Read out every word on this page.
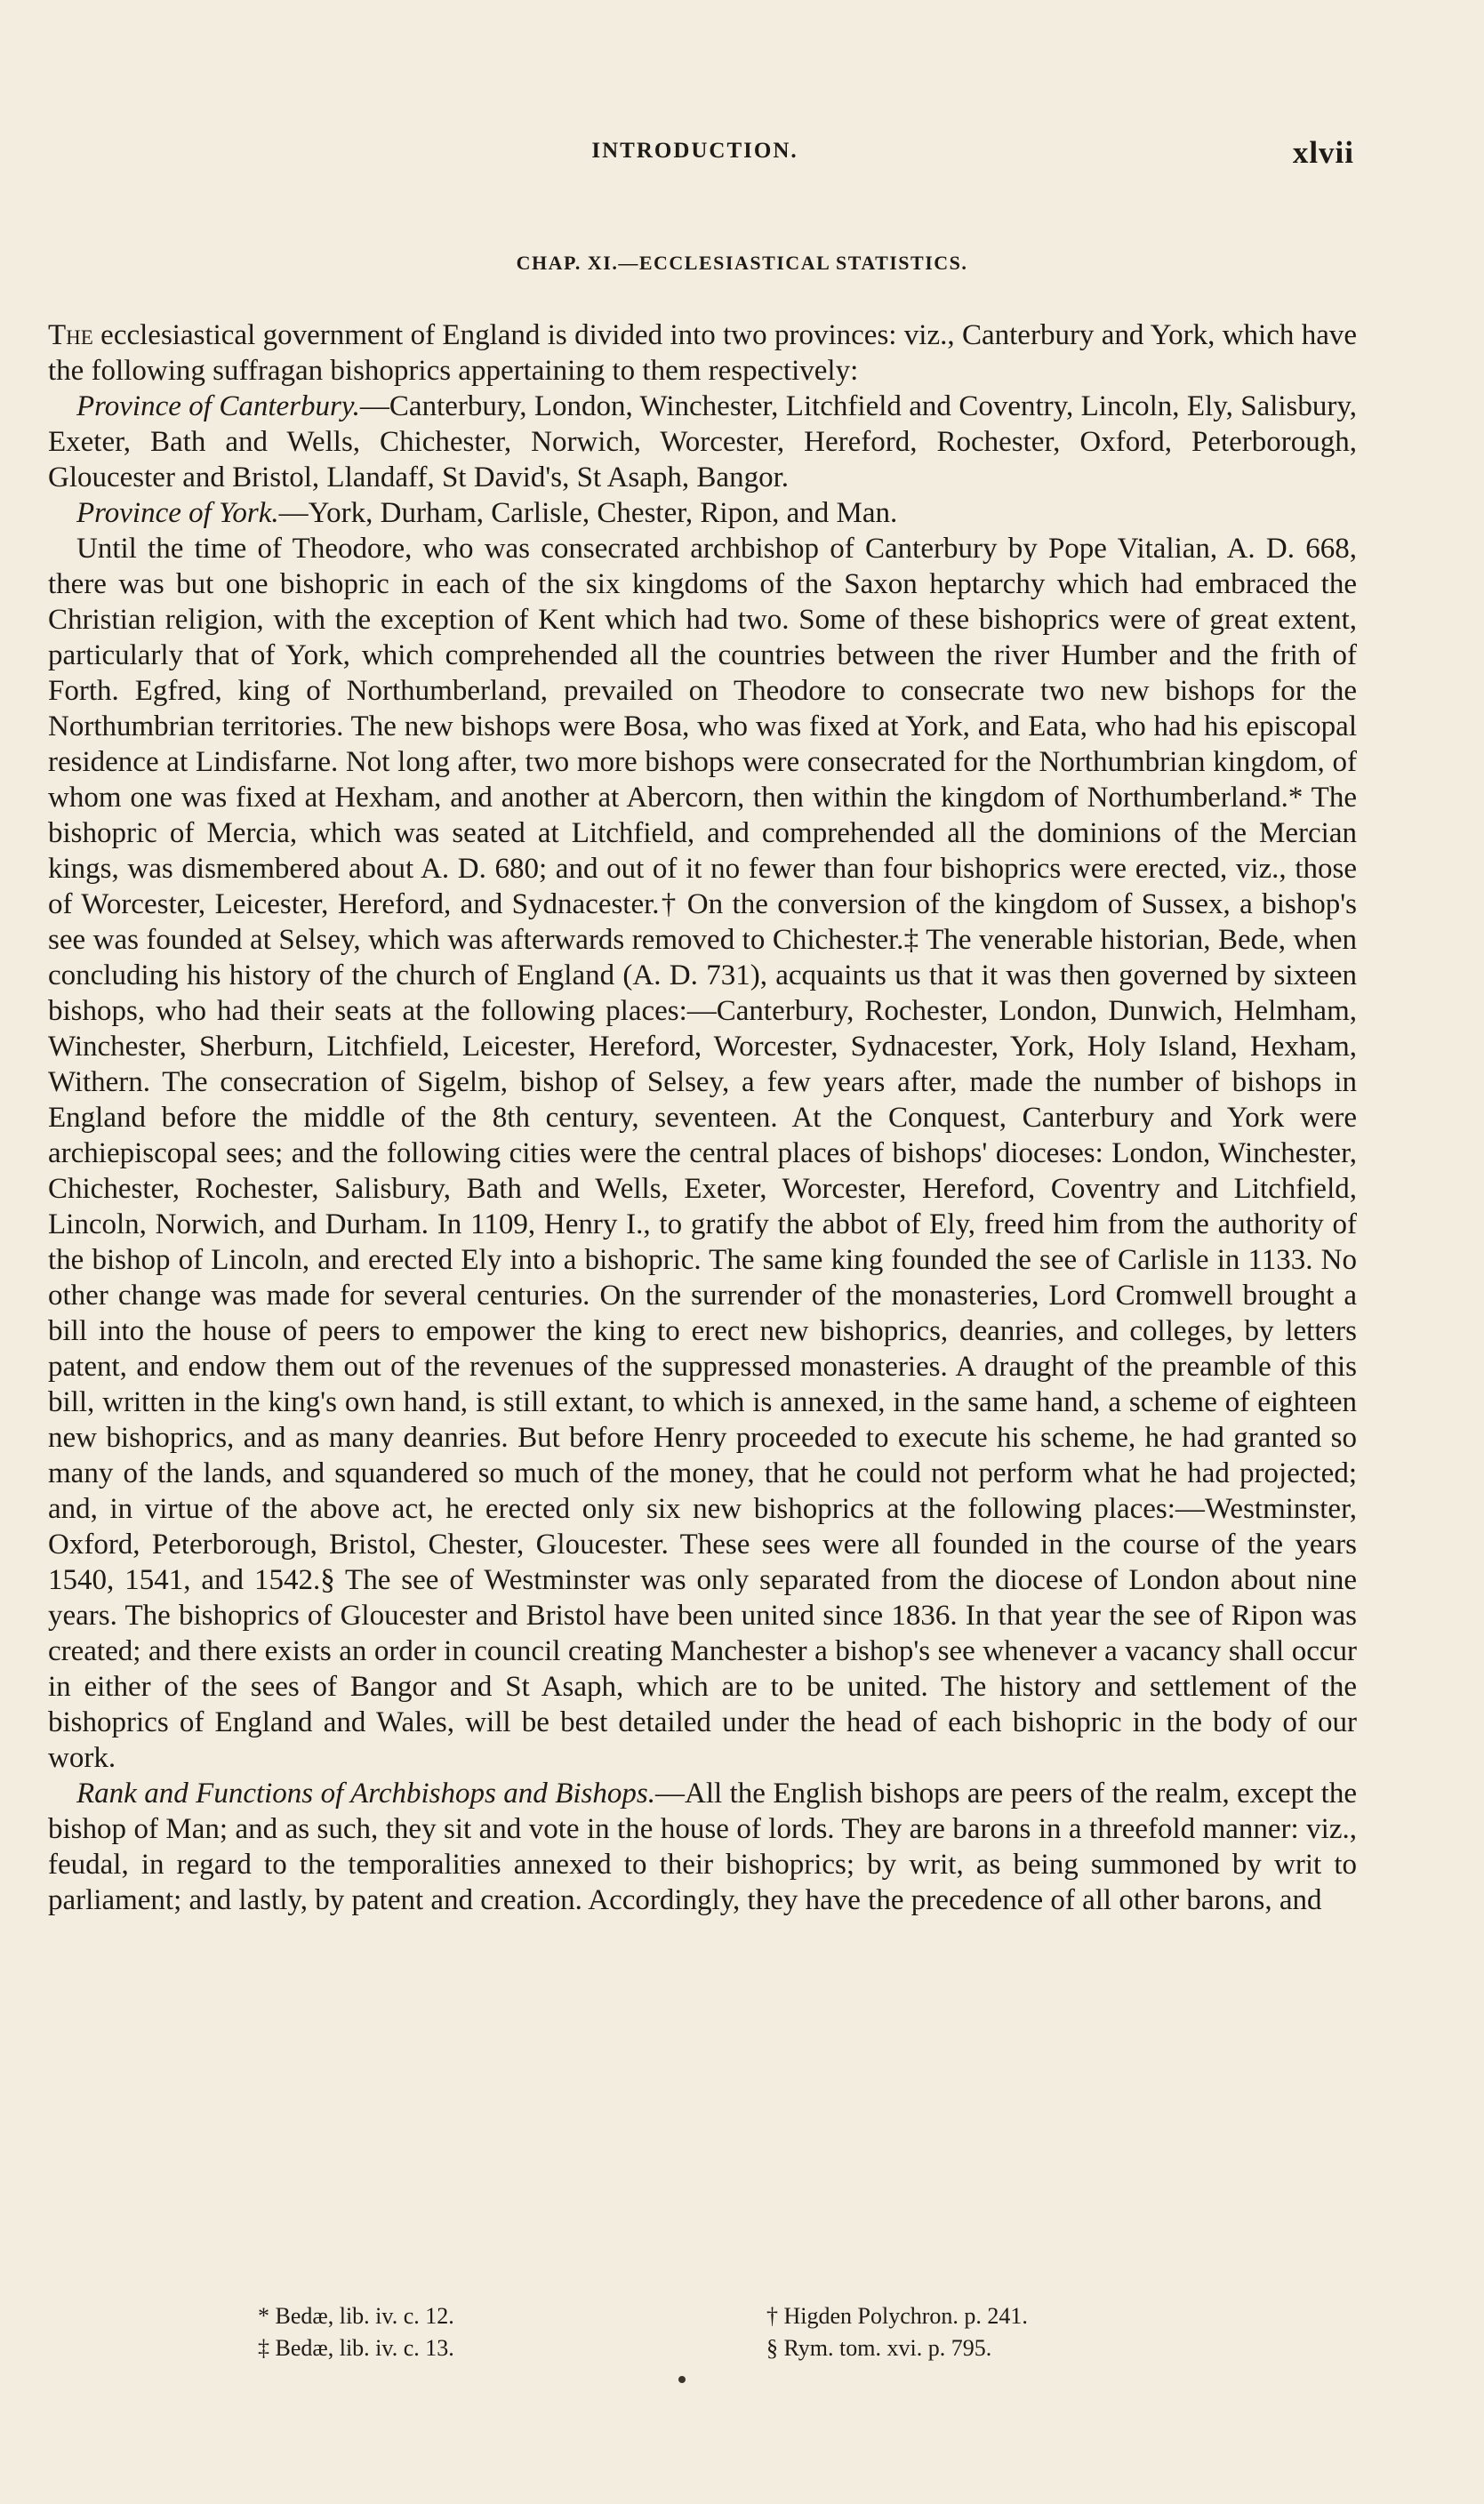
INTRODUCTION.	xlvii
CHAP. XI.—ECCLESIASTICAL STATISTICS.

The ecclesiastical government of England is divided into two provinces: viz., Canterbury and York, which have the following suffragan bishoprics appertaining to them respectively:

Province of Canterbury.—Canterbury, London, Winchester, Litchfield and Coventry, Lincoln, Ely, Salisbury, Exeter, Bath and Wells, Chichester, Norwich, Worcester, Hereford, Rochester, Oxford, Peterborough, Gloucester and Bristol, Llandaff, St David's, St Asaph, Bangor.

Province of York.—York, Durham, Carlisle, Chester, Ripon, and Man.

Until the time of Theodore, who was consecrated archbishop of Canterbury by Pope Vitalian, A. D. 668, there was but one bishopric in each of the six kingdoms of the Saxon heptarchy which had embraced the Christian religion, with the exception of Kent which had two. Some of these bishoprics were of great extent, particularly that of York, which comprehended all the countries between the river Humber and the frith of Forth. Egfred, king of Northumberland, prevailed on Theodore to consecrate two new bishops for the Northumbrian territories. The new bishops were Bosa, who was fixed at York, and Eata, who had his episcopal residence at Lindisfarne. Not long after, two more bishops were consecrated for the Northumbrian kingdom, of whom one was fixed at Hexham, and another at Abercorn, then within the kingdom of Northumberland.* The bishopric of Mercia, which was seated at Litchfield, and comprehended all the dominions of the Mercian kings, was dismembered about A. D. 680; and out of it no fewer than four bishoprics were erected, viz., those of Worcester, Leicester, Hereford, and Sydnacester.† On the conversion of the kingdom of Sussex, a bishop's see was founded at Selsey, which was afterwards removed to Chichester.‡ The venerable historian, Bede, when concluding his history of the church of England (A. D. 731), acquaints us that it was then governed by sixteen bishops, who had their seats at the following places:—Canterbury, Rochester, London, Dunwich, Helmham, Winchester, Sherburn, Litchfield, Leicester, Hereford, Worcester, Sydnacester, York, Holy Island, Hexham, Withern. The consecration of Sigelm, bishop of Selsey, a few years after, made the number of bishops in England before the middle of the 8th century, seventeen. At the Conquest, Canterbury and York were archiepiscopal sees; and the following cities were the central places of bishops' dioceses: London, Winchester, Chichester, Rochester, Salisbury, Bath and Wells, Exeter, Worcester, Hereford, Coventry and Litchfield, Lincoln, Norwich, and Durham. In 1109, Henry I., to gratify the abbot of Ely, freed him from the authority of the bishop of Lincoln, and erected Ely into a bishopric. The same king founded the see of Carlisle in 1133. No other change was made for several centuries. On the surrender of the monasteries, Lord Cromwell brought a bill into the house of peers to empower the king to erect new bishoprics, deanries, and colleges, by letters patent, and endow them out of the revenues of the suppressed monasteries. A draught of the preamble of this bill, written in the king's own hand, is still extant, to which is annexed, in the same hand, a scheme of eighteen new bishoprics, and as many deanries. But before Henry proceeded to execute his scheme, he had granted so many of the lands, and squandered so much of the money, that he could not perform what he had projected; and, in virtue of the above act, he erected only six new bishoprics at the following places:—Westminster, Oxford, Peterborough, Bristol, Chester, Gloucester. These sees were all founded in the course of the years 1540, 1541, and 1542.§ The see of Westminster was only separated from the diocese of London about nine years. The bishoprics of Gloucester and Bristol have been united since 1836. In that year the see of Ripon was created; and there exists an order in council creating Manchester a bishop's see whenever a vacancy shall occur in either of the sees of Bangor and St Asaph, which are to be united. The history and settlement of the bishoprics of England and Wales, will be best detailed under the head of each bishopric in the body of our work.

Rank and Functions of Archbishops and Bishops.—All the English bishops are peers of the realm, except the bishop of Man; and as such, they sit and vote in the house of lords. They are barons in a threefold manner: viz., feudal, in regard to the temporalities annexed to their bishoprics; by writ, as being summoned by writ to parliament; and lastly, by patent and creation. Accordingly, they have the precedence of all other barons, and

* Bedæ, lib. iv. c. 12.	† Higden Polychron. p. 241.
‡ Bedæ, lib. iv. c. 13.	§ Rym. tom. xvi. p. 795.
